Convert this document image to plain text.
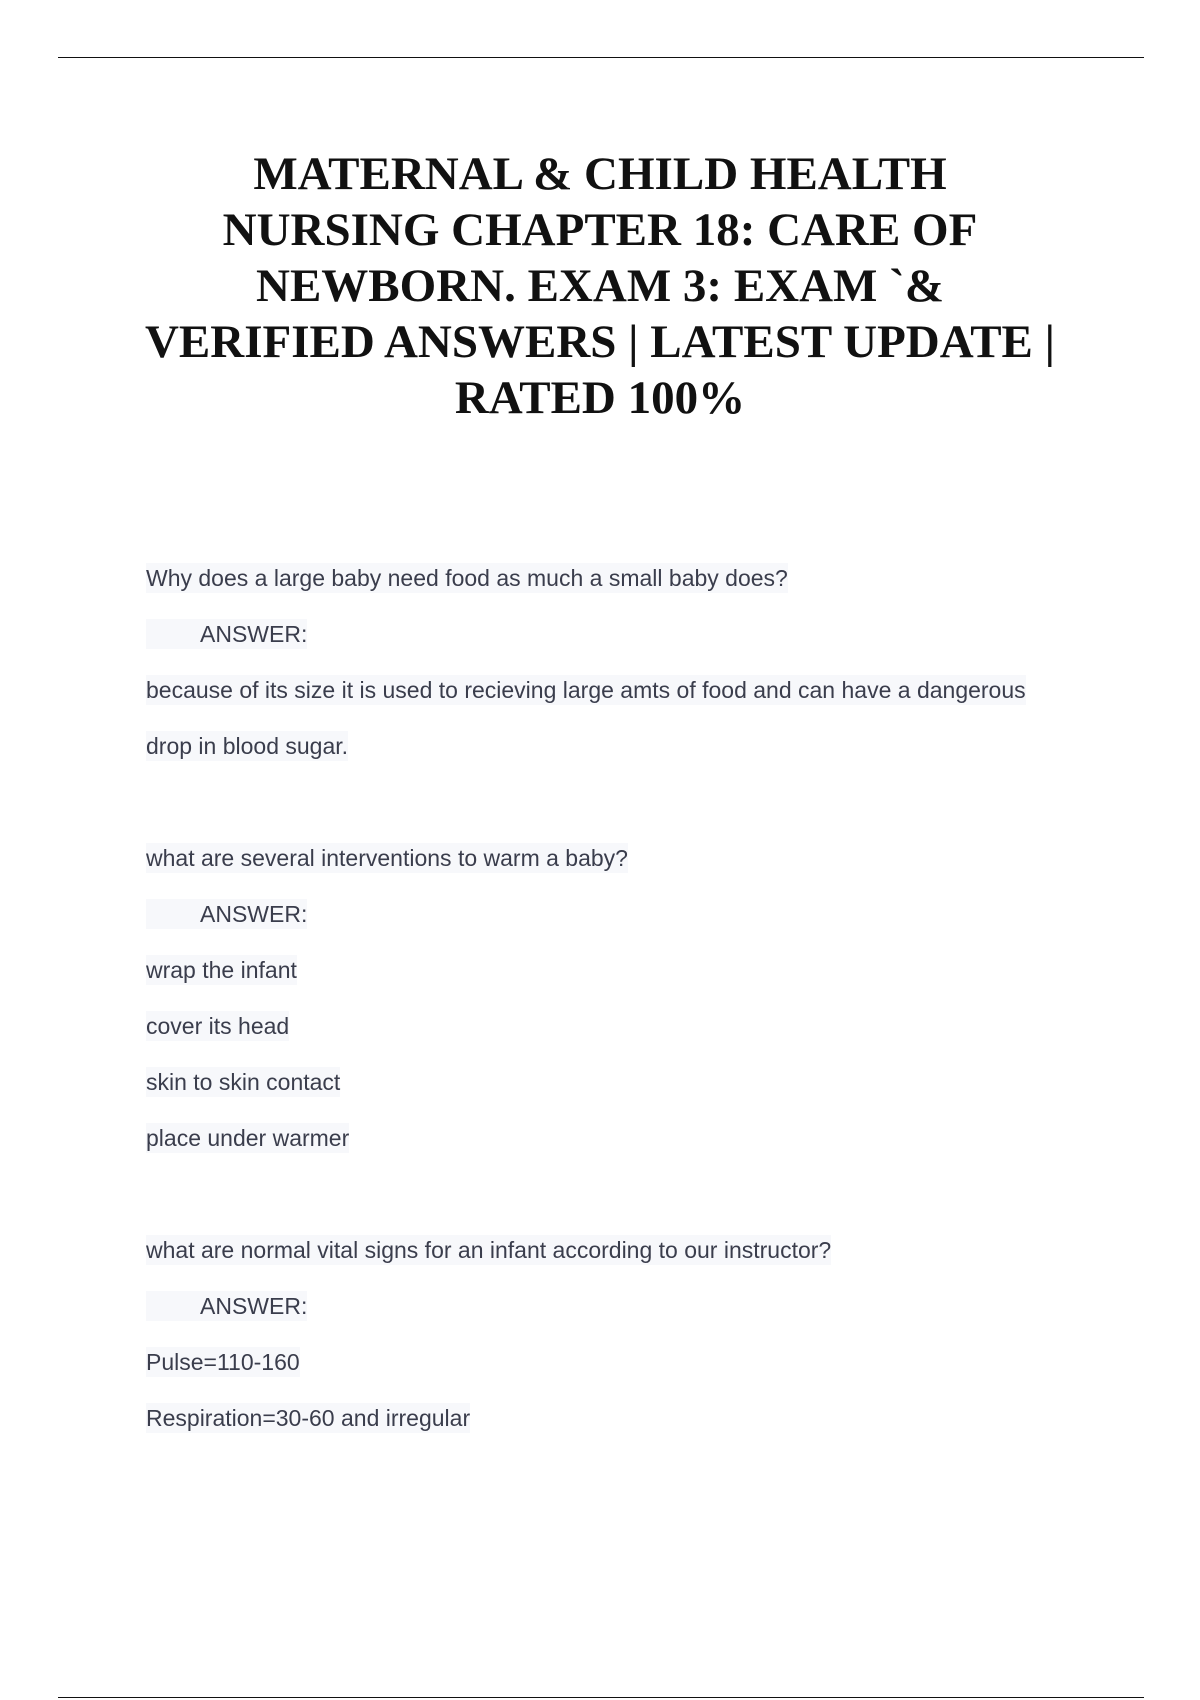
MATERNAL & CHILD HEALTH
NURSING CHAPTER 18: CARE OF
NEWBORN. EXAM 3: EXAM `&
VERIFIED ANSWERS | LATEST UPDATE |
RATED 100%
Why does a large baby need food as much a small baby does?
ANSWER:
because of its size it is used to recieving large amts of food and can have a dangerous
drop in blood sugar.
what are several interventions to warm a baby?
ANSWER:
wrap the infant
cover its head
skin to skin contact
place under warmer
what are normal vital signs for an infant according to our instructor?
ANSWER:
Pulse=110-160
Respiration=30-60 and irregular
